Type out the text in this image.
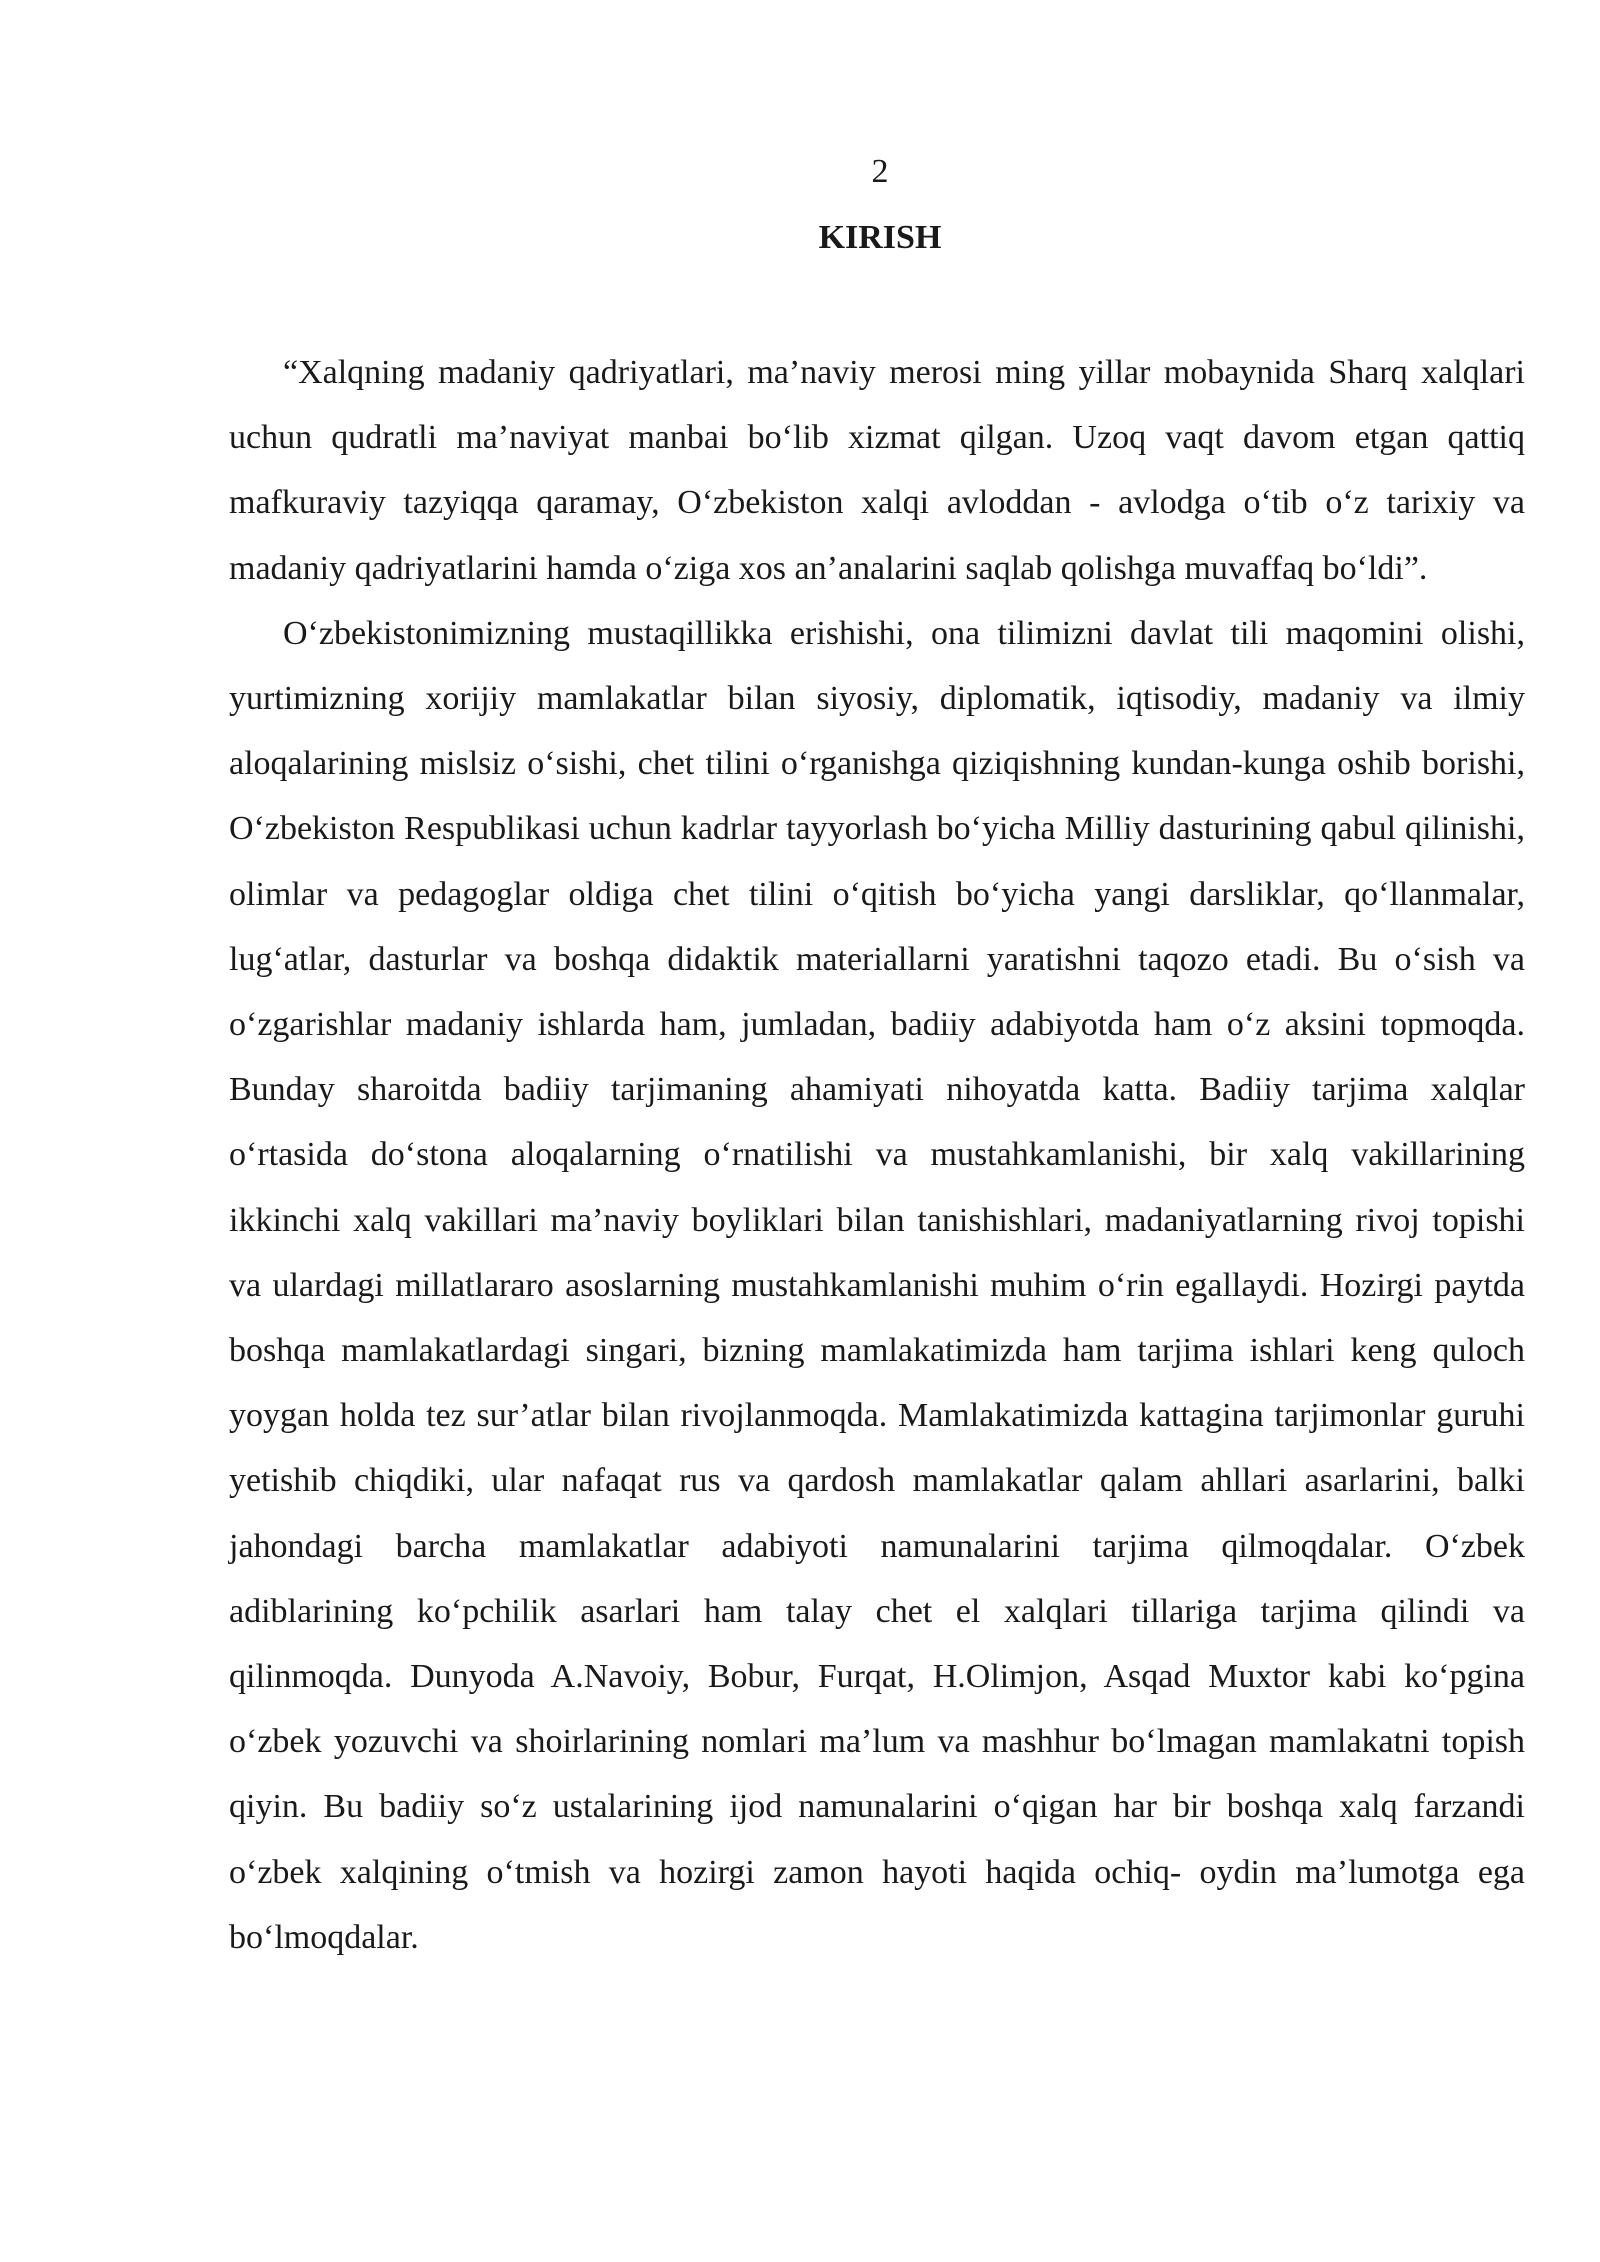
2
KIRISH

“Xalqning madaniy qadriyatlari, ma’naviy merosi ming yillar mobaynida Sharq xalqlari uchun qudratli ma’naviyat manbai bo‘lib xizmat qilgan. Uzoq vaqt davom etgan qattiq mafkuraviy tazyiqqa qaramay, O‘zbekiston xalqi avloddan - avlodga o‘tib o‘z tarixiy va madaniy qadriyatlarini hamda o‘ziga xos an’analarini saqlab qolishga muvaffaq bo‘ldi”.

O‘zbekistonimizning mustaqillikka erishishi, ona tilimizni davlat tili maqomini olishi, yurtimizning xorijiy mamlakatlar bilan siyosiy, diplomatik, iqtisodiy, madaniy va ilmiy aloqalarining mislsiz o‘sishi, chet tilini o‘rganishga qiziqishning kundan-kunga oshib borishi, O‘zbekiston Respublikasi uchun kadrlar tayyorlash bo‘yicha Milliy dasturining qabul qilinishi, olimlar va pedagoglar oldiga chet tilini o‘qitish bo‘yicha yangi darsliklar, qo‘llanmalar, lug‘atlar, dasturlar va boshqa didaktik materiallarni yaratishni taqozo etadi. Bu o‘sish va o‘zgarishlar madaniy ishlarda ham, jumladan, badiiy adabiyotda ham o‘z aksini topmoqda. Bunday sharoitda badiiy tarjimaning ahamiyati nihoyatda katta. Badiiy tarjima xalqlar o‘rtasida do‘stona aloqalarning o‘rnatilishi va mustahkamlanishi, bir xalq vakillarining ikkinchi xalq vakillari ma’naviy boyliklari bilan tanishishlari, madaniyatlarning rivoj topishi va ulardagi millatlararo asoslarning mustahkamlanishi muhim o‘rin egallaydi. Hozirgi paytda boshqa mamlakatlardagi singari, bizning mamlakatimizda ham tarjima ishlari keng quloch yoygan holda tez sur’atlar bilan rivojlanmoqda. Mamlakatimizda kattagina tarjimonlar guruhi yetishib chiqdiki, ular nafaqat rus va qardosh mamlakatlar qalam ahllari asarlarini, balki jahondagi barcha mamlakatlar adabiyoti namunalarini tarjima qilmoqdalar. O‘zbek adiblarining ko‘pchilik asarlari ham talay chet el xalqlari tillariga tarjima qilindi va qilinmoqda. Dunyoda A.Navoiy, Bobur, Furqat, H.Olimjon, Asqad Muxtor kabi ko‘pgina o‘zbek yozuvchi va shoirlarining nomlari ma’lum va mashhur bo‘lmagan mamlakatni topish qiyin. Bu badiiy so‘z ustalarining ijod namunalarini o‘qigan har bir boshqa xalq farzandi o‘zbek xalqining o‘tmish va hozirgi zamon hayoti haqida ochiq- oydin ma’lumotga ega bo‘lmoqdalar.
